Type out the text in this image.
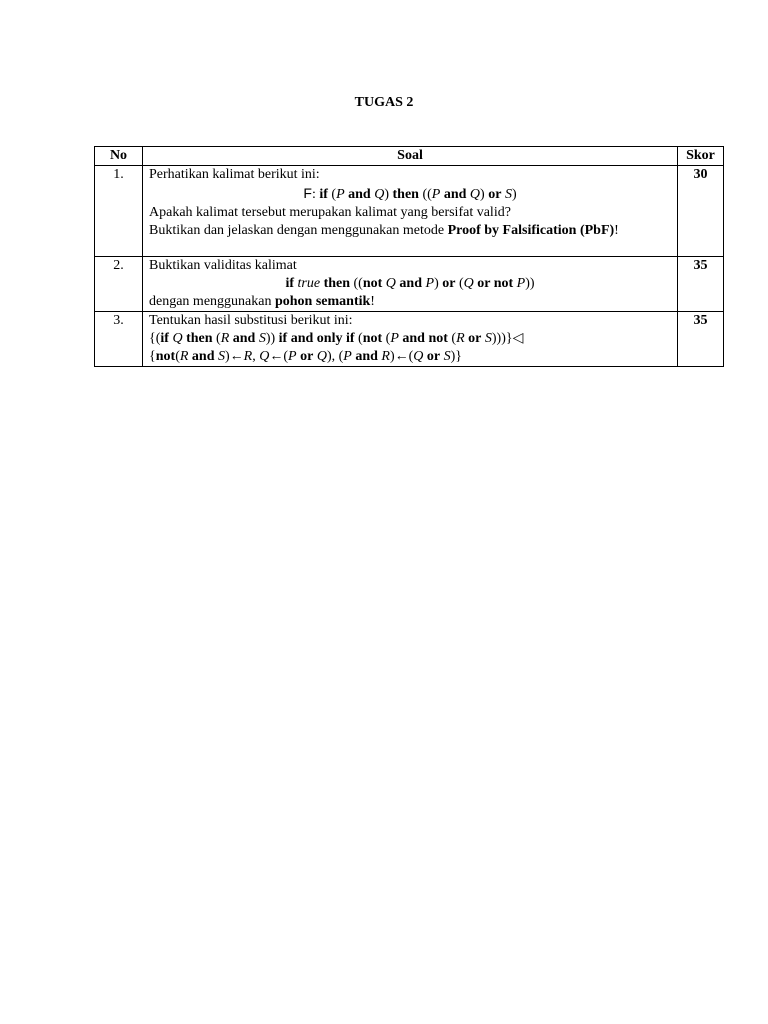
TUGAS 2
No	Soal	Skor
1.	Perhatikan kalimat berikut ini:
F: if (P and Q) then ((P and Q) or S)
Apakah kalimat tersebut merupakan kalimat yang bersifat valid?
Buktikan dan jelaskan dengan menggunakan metode Proof by Falsification (PbF)!	30
2.	Buktikan validitas kalimat
if true then ((not Q and P) or (Q or not P))
dengan menggunakan pohon semantik!	35
3.	Tentukan hasil substitusi berikut ini:
{(if Q then (R and S)) if and only if (not (P and not (R or S)))}◁
{not(R and S)←R, Q←(P or Q), (P and R)←(Q or S)}	35
